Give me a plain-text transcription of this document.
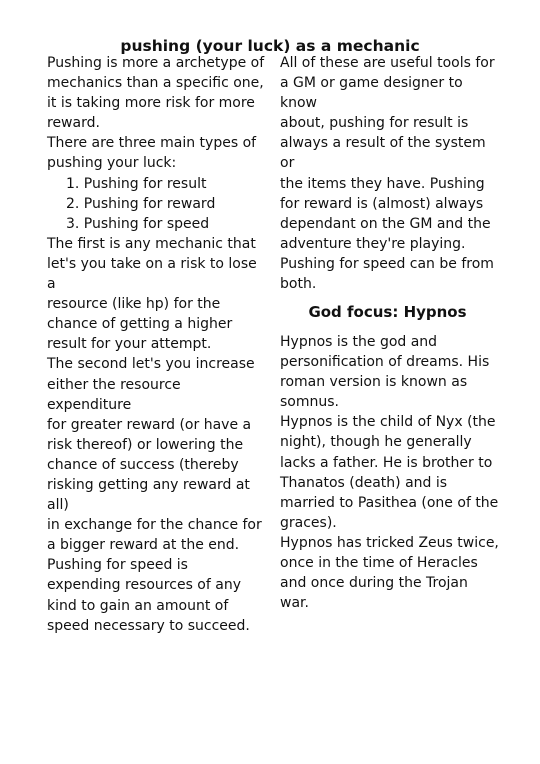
pushing (your luck) as a mechanic

Pushing is more a archetype of
mechanics than a specific one,
it is taking more risk for more
reward.

There are three main types of
pushing your luck:

1. Pushing for result
2. Pushing for reward
3. Pushing for speed

The first is any mechanic that
let's you take on a risk to lose a
resource (like hp) for the
chance of getting a higher
result for your attempt.

The second let's you increase
either the resource expenditure
for greater reward (or have a
risk thereof) or lowering the
chance of success (thereby
risking getting any reward at all)
in exchange for the chance for
a bigger reward at the end.

Pushing for speed is
expending resources of any
kind to gain an amount of
speed necessary to succeed.

All of these are useful tools for
a GM or game designer to know
about, pushing for result is
always a result of the system or
the items they have. Pushing
for reward is (almost) always
dependant on the GM and the
adventure they're playing.

Pushing for speed can be from
both.

God focus: Hypnos

Hypnos is the god and
personification of dreams. His
roman version is known as
somnus.

Hypnos is the child of Nyx (the
night), though he generally
lacks a father. He is brother to
Thanatos (death) and is
married to Pasithea (one of the
graces).

Hypnos has tricked Zeus twice,
once in the time of Heracles
and once during the Trojan
war.
